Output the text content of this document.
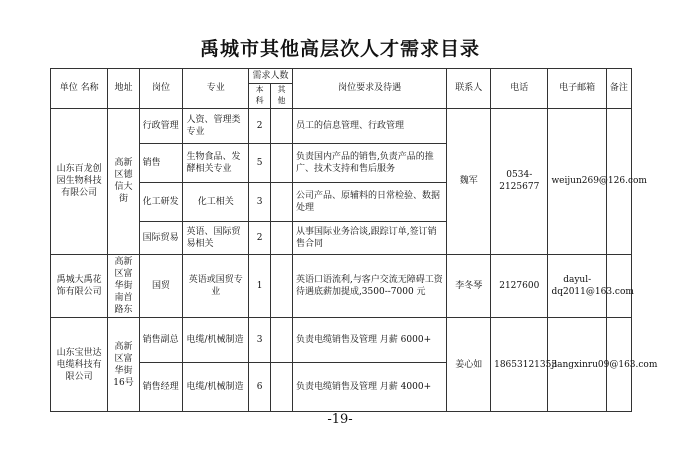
禹城市其他高层次人才需求目录
单位 名称	地址	岗位	专业	需求人数		岗位要求及待遇	联系人	电话	电子邮箱	备注
				本科	其他					
山东百龙创园生物科技有限公司	高新区德信大街	行政管理	人资、管理类专业	2		员工的信息管理、行政管理	魏军	0534-2125677	weijun269@126.com	
		销售	生物食品、发酵相关专业	5		负责国内产品的销售,负责产品的推广、技术支持和售后服务				
		化工研发	化工相关	3		公司产品、原辅料的日常检验、数据处理				
		国际贸易	英语、国际贸易相关	2		从事国际业务洽谈,跟踪订单,签订销售合同				
禹城大禹花饰有限公司	高新区富华街南首路东	国贸	英语或国贸专业	1		英语口语流利,与客户交流无障碍工资待遇底薪加提成,3500--7000 元	李冬琴	2127600	dayul-dq2011@163.com	
山东宝世达电缆科技有限公司	高新区富华街16号	销售副总	电缆/机械制造	3		负责电缆销售及管理 月薪 6000+	姜心如	18653121353	jiangxinru09@163.com	
		销售经理	电缆/机械制造	6		负责电缆销售及管理 月薪 4000+				
-19-
